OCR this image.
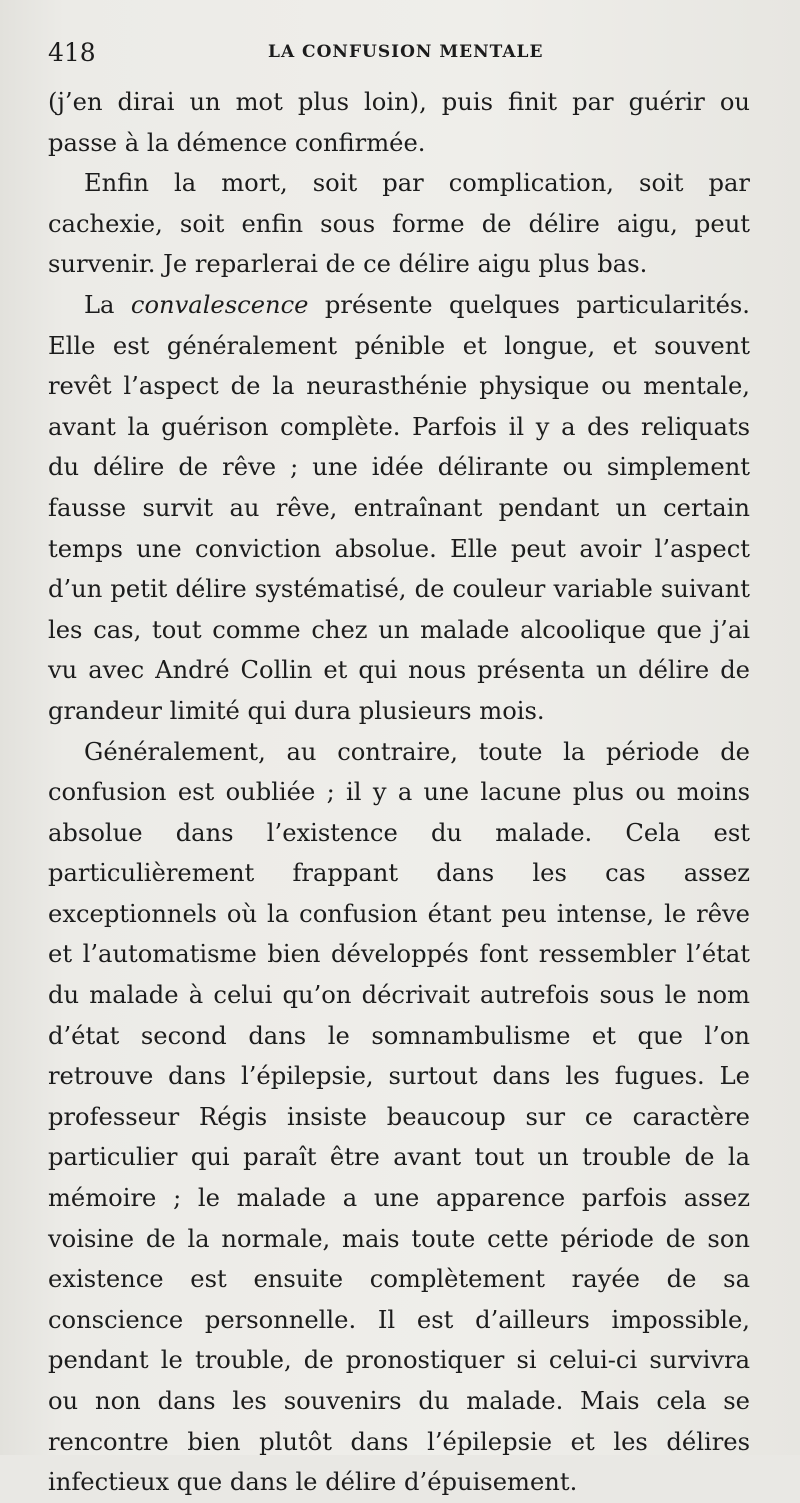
418	LA CONFUSION MENTALE

(j’en dirai un mot plus loin), puis finit par guérir ou passe à la démence confirmée.

Enfin la mort, soit par complication, soit par cachexie, soit enfin sous forme de délire aigu, peut survenir. Je reparlerai de ce délire aigu plus bas.

La convalescence présente quelques particularités. Elle est généralement pénible et longue, et souvent revêt l’aspect de la neurasthénie physique ou mentale, avant la guérison complète. Parfois il y a des reliquats du délire de rêve ; une idée délirante ou simplement fausse survit au rêve, entraînant pendant un certain temps une conviction absolue. Elle peut avoir l’aspect d’un petit délire systématisé, de couleur variable suivant les cas, tout comme chez un malade alcoolique que j’ai vu avec André Collin et qui nous présenta un délire de grandeur limité qui dura plusieurs mois.

Généralement, au contraire, toute la période de confusion est oubliée ; il y a une lacune plus ou moins absolue dans l’existence du malade. Cela est particulièrement frappant dans les cas assez exceptionnels où la confusion étant peu intense, le rêve et l’automatisme bien développés font ressembler l’état du malade à celui qu’on décrivait autrefois sous le nom d’état second dans le somnambulisme et que l’on retrouve dans l’épilepsie, surtout dans les fugues. Le professeur Régis insiste beaucoup sur ce caractère particulier qui paraît être avant tout un trouble de la mémoire ; le malade a une apparence parfois assez voisine de la normale, mais toute cette période de son existence est ensuite complètement rayée de sa conscience personnelle. Il est d’ailleurs impossible, pendant le trouble, de pronostiquer si celui-ci survivra ou non dans les souvenirs du malade. Mais cela se rencontre bien plutôt dans l’épilepsie et les délires infectieux que dans le délire d’épuisement.
